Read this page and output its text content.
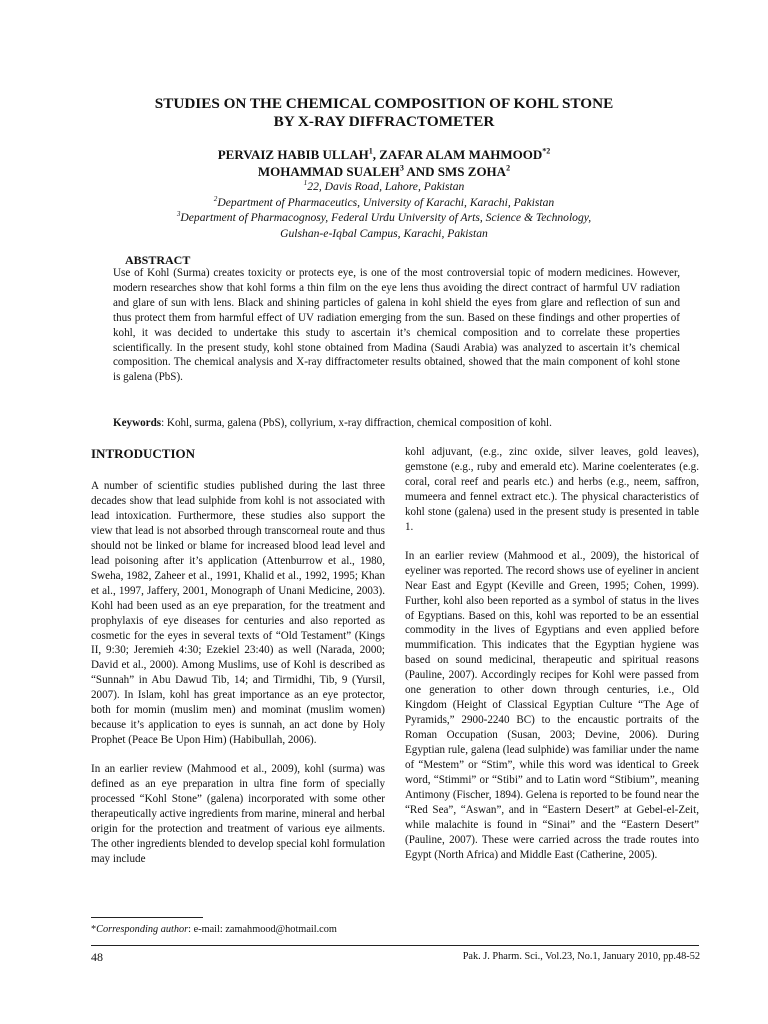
STUDIES ON THE CHEMICAL COMPOSITION OF KOHL STONE
BY X-RAY DIFFRACTOMETER
PERVAIZ HABIB ULLAH$^1$, ZAFAR ALAM MAHMOOD$^{*2}$
MOHAMMAD SUALEH$^3$ AND SMS ZOHA$^2$
$^1$22, Davis Road, Lahore, Pakistan
$^2$Department of Pharmaceutics, University of Karachi, Karachi, Pakistan
$^3$Department of Pharmacognosy, Federal Urdu University of Arts, Science & Technology,
Gulshan-e-Iqbal Campus, Karachi, Pakistan
ABSTRACT

Use of Kohl (Surma) creates toxicity or protects eye, is one of the most controversial topic of modern medicines. However, modern researches show that kohl forms a thin film on the eye lens thus avoiding the direct contract of harmful UV radiation and glare of sun with lens. Black and shining particles of galena in kohl shield the eyes from glare and reflection of sun and thus protect them from harmful effect of UV radiation emerging from the sun. Based on these findings and other properties of kohl, it was decided to undertake this study to ascertain it’s chemical composition and to correlate these properties scientifically. In the present study, kohl stone obtained from Madina (Saudi Arabia) was analyzed to ascertain it’s chemical composition. The chemical analysis and X-ray diffractometer results obtained, showed that the main component of kohl stone is galena (PbS).

Keywords: Kohl, surma, galena (PbS), collyrium, x-ray diffraction, chemical composition of kohl.
INTRODUCTION

A number of scientific studies published during the last three decades show that lead sulphide from kohl is not associated with lead intoxication. Furthermore, these studies also support the view that lead is not absorbed through transcorneal route and thus should not be linked or blame for increased blood lead level and lead poisoning after it’s application (Attenburrow et al., 1980, Sweha, 1982, Zaheer et al., 1991, Khalid et al., 1992, 1995; Khan et al., 1997, Jaffery, 2001, Monograph of Unani Medicine, 2003). Kohl had been used as an eye preparation, for the treatment and prophylaxis of eye diseases for centuries and also reported as cosmetic for the eyes in several texts of “Old Testament” (Kings II, 9:30; Jeremieh 4:30; Ezekiel 23:40) as well (Narada, 2000; David et al., 2000). Among Muslims, use of Kohl is described as “Sunnah” in Abu Dawud Tib, 14; and Tirmidhi, Tib, 9 (Yursil, 2007). In Islam, kohl has great importance as an eye protector, both for momin (muslim men) and mominat (muslim women) because it’s application to eyes is sunnah, an act done by Holy Prophet (Peace Be Upon Him) (Habibullah, 2006).

In an earlier review (Mahmood et al., 2009), kohl (surma) was defined as an eye preparation in ultra fine form of specially processed “Kohl Stone” (galena) incorporated with some other therapeutically active ingredients from marine, mineral and herbal origin for the protection and treatment of various eye ailments. The other ingredients blended to develop special kohl formulation may include

kohl adjuvant, (e.g., zinc oxide, silver leaves, gold leaves), gemstone (e.g., ruby and emerald etc). Marine coelenterates (e.g. coral, coral reef and pearls etc.) and herbs (e.g., neem, saffron, mumeera and fennel extract etc.). The physical characteristics of kohl stone (galena) used in the present study is presented in table 1.

In an earlier review (Mahmood et al., 2009), the historical of eyeliner was reported. The record shows use of eyeliner in ancient Near East and Egypt (Keville and Green, 1995; Cohen, 1999). Further, kohl also been reported as a symbol of status in the lives of Egyptians. Based on this, kohl was reported to be an essential commodity in the lives of Egyptians and even applied before mummification. This indicates that the Egyptian hygiene was based on sound medicinal, therapeutic and spiritual reasons (Pauline, 2007). Accordingly recipes for Kohl were passed from one generation to other down through centuries, i.e., Old Kingdom (Height of Classical Egyptian Culture “The Age of Pyramids,” 2900-2240 BC) to the encaustic portraits of the Roman Occupation (Susan, 2003; Devine, 2006). During Egyptian rule, galena (lead sulphide) was familiar under the name of “Mestem” or “Stim”, while this word was identical to Greek word, “Stimmi” or “Stibi” and to Latin word “Stibium”, meaning Antimony (Fischer, 1894). Gelena is reported to be found near the “Red Sea”, “Aswan”, and in “Eastern Desert” at Gebel-el-Zeit, while malachite is found in “Sinai” and the “Eastern Desert” (Pauline, 2007). These were carried across the trade routes into Egypt (North Africa) and Middle East (Catherine, 2005).

*Corresponding author: e-mail: zamahmood@hotmail.com
48	Pak. J. Pharm. Sci., Vol.23, No.1, January 2010, pp.48-52
